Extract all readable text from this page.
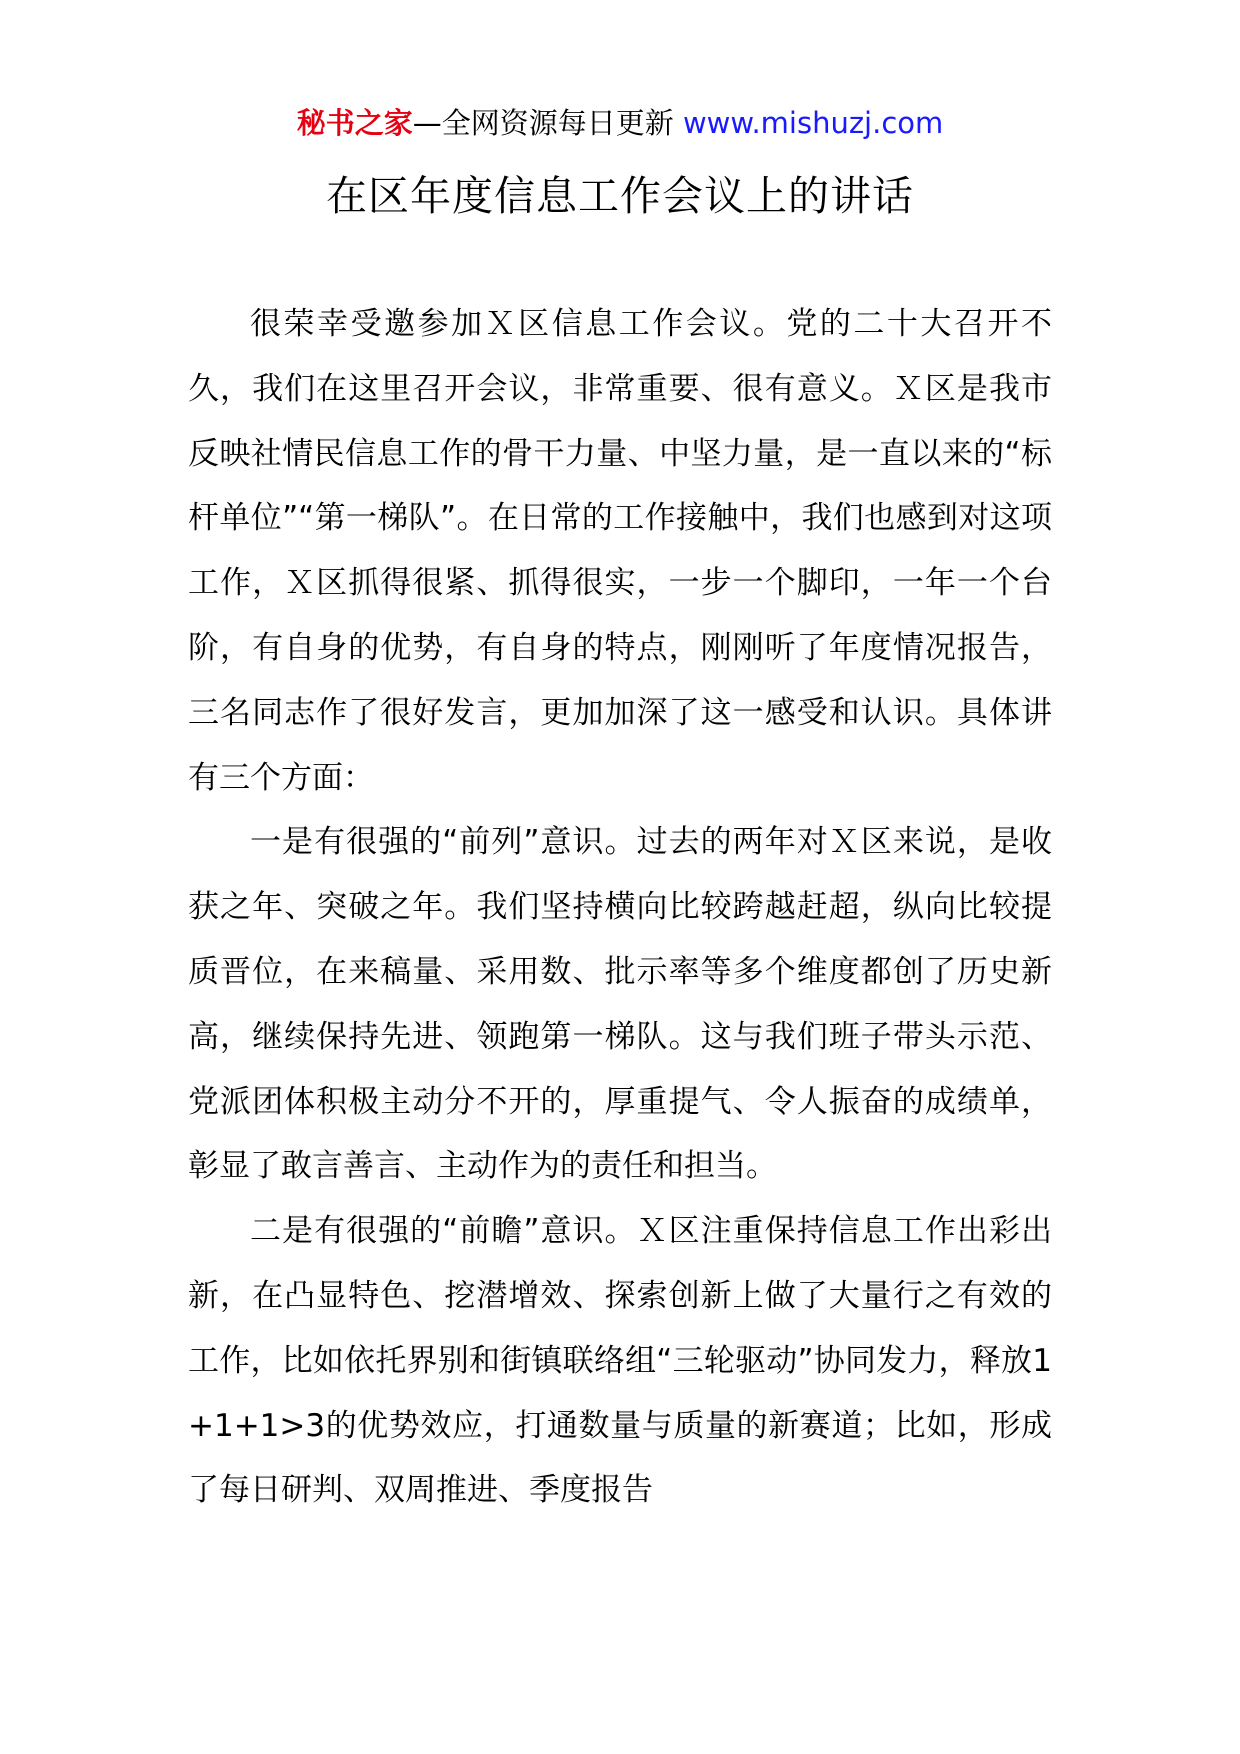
秘书之家—全网资源每日更新 www.mishuzj.com
在区年度信息工作会议上的讲话

很荣幸受邀参加Ｘ区信息工作会议。党的二十大召开不久，我们在这里召开会议，非常重要、很有意义。Ｘ区是我市反映社情民信息工作的骨干力量、中坚力量，是一直以来的“标杆单位”“第一梯队”。在日常的工作接触中，我们也感到对这项工作，Ｘ区抓得很紧、抓得很实，一步一个脚印，一年一个台阶，有自身的优势，有自身的特点，刚刚听了年度情况报告，三名同志作了很好发言，更加加深了这一感受和认识。具体讲有三个方面：

一是有很强的“前列”意识。过去的两年对Ｘ区来说，是收获之年、突破之年。我们坚持横向比较跨越赶超，纵向比较提质晋位，在来稿量、采用数、批示率等多个维度都创了历史新高，继续保持先进、领跑第一梯队。这与我们班子带头示范、党派团体积极主动分不开的，厚重提气、令人振奋的成绩单，彰显了敢言善言、主动作为的责任和担当。

二是有很强的“前瞻”意识。Ｘ区注重保持信息工作出彩出新，在凸显特色、挖潜增效、探索创新上做了大量行之有效的工作，比如依托界别和街镇联络组“三轮驱动”协同发力，释放1+1+1>3的优势效应，打通数量与质量的新赛道；比如，形成了每日研判、双周推进、季度报告
